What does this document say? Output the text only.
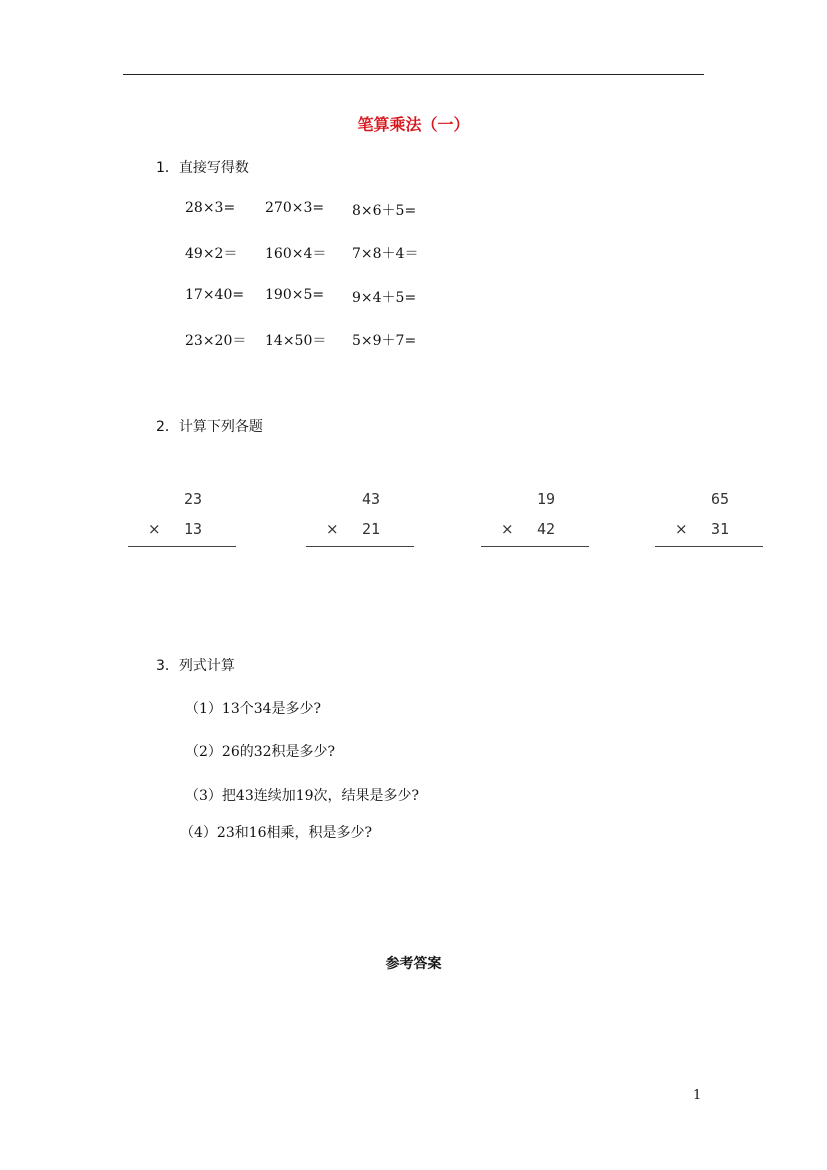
笔算乘法（一）
1．直接写得数
28×3= 270×3= 8×6＋5=
49×2＝ 160×4＝ 7×8＋4＝
17×40= 190×5= 9×4＋5=
23×20＝ 14×50＝ 5×9＋7=
2．计算下列各题
23
× 13
43
× 21
19
× 42
65
× 31
3．列式计算
（1）13个34是多少?
（2）26的32积是多少?
（3）把43连续加19次，结果是多少?
（4）23和16相乘，积是多少?
参考答案
1
